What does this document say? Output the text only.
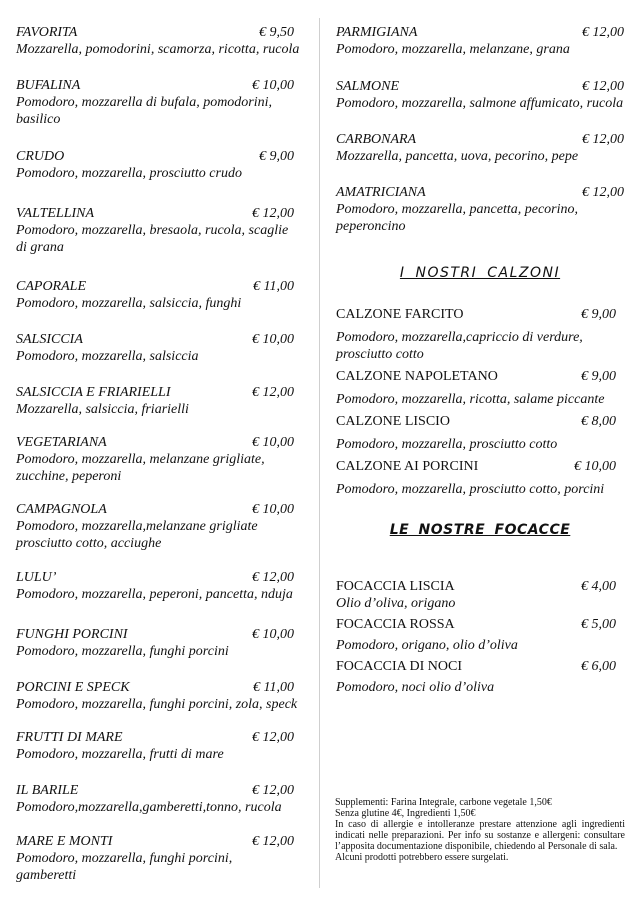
FAVORITA	€ 9,50
Mozzarella, pomodorini, scamorza, ricotta, rucola
BUFALINA	€ 10,00
Pomodoro, mozzarella di bufala, pomodorini, basilico
CRUDO	€ 9,00
Pomodoro, mozzarella, prosciutto crudo
VALTELLINA	€ 12,00
Pomodoro, mozzarella, bresaola, rucola, scaglie di grana
CAPORALE	€ 11,00
Pomodoro, mozzarella, salsiccia, funghi
SALSICCIA	€ 10,00
Pomodoro, mozzarella, salsiccia
SALSICCIA E FRIARIELLI	€ 12,00
Mozzarella, salsiccia, friarielli
VEGETARIANA	€ 10,00
Pomodoro, mozzarella, melanzane grigliate, zucchine, peperoni
CAMPAGNOLA	€ 10,00
Pomodoro, mozzarella,melanzane grigliate prosciutto cotto, acciughe
LULU’	€ 12,00
Pomodoro, mozzarella, peperoni, pancetta, nduja
FUNGHI PORCINI	€ 10,00
Pomodoro, mozzarella, funghi porcini
PORCINI E SPECK	€ 11,00
Pomodoro, mozzarella, funghi porcini, zola, speck
FRUTTI DI MARE	€ 12,00
Pomodoro, mozzarella, frutti di mare
IL BARILE	€ 12,00
Pomodoro,mozzarella,gamberetti,tonno, rucola
MARE E MONTI	€ 12,00
Pomodoro, mozzarella, funghi porcini, gamberetti
PARMIGIANA	€ 12,00
Pomodoro, mozzarella, melanzane, grana
SALMONE	€ 12,00
Pomodoro, mozzarella, salmone affumicato, rucola
CARBONARA	€ 12,00
Mozzarella, pancetta, uova, pecorino, pepe
AMATRICIANA	€ 12,00
Pomodoro, mozzarella, pancetta, pecorino, peperoncino
I NOSTRI CALZONI
CALZONE FARCITO	€ 9,00
Pomodoro, mozzarella,capriccio di verdure, prosciutto cotto
CALZONE NAPOLETANO	€ 9,00
Pomodoro, mozzarella, ricotta, salame piccante
CALZONE LISCIO	€ 8,00
Pomodoro, mozzarella, prosciutto cotto
CALZONE AI PORCINI	€ 10,00
Pomodoro, mozzarella, prosciutto cotto, porcini
LE NOSTRE FOCACCE
FOCACCIA LISCIA	€ 4,00
Olio d’oliva, origano
FOCACCIA ROSSA	€ 5,00
Pomodoro, origano, olio d’oliva
FOCACCIA DI NOCI	€ 6,00
Pomodoro, noci olio d’oliva

Supplementi: Farina Integrale, carbone vegetale 1,50€

Senza glutine 4€, Ingredienti 1,50€

In caso di allergie e intolleranze prestare attenzione agli ingredienti indicati nelle preparazioni. Per info su sostanze e allergeni: consultare l’apposita documentazione disponibile, chiedendo al Personale di sala.

Alcuni prodotti potrebbero essere surgelati.
